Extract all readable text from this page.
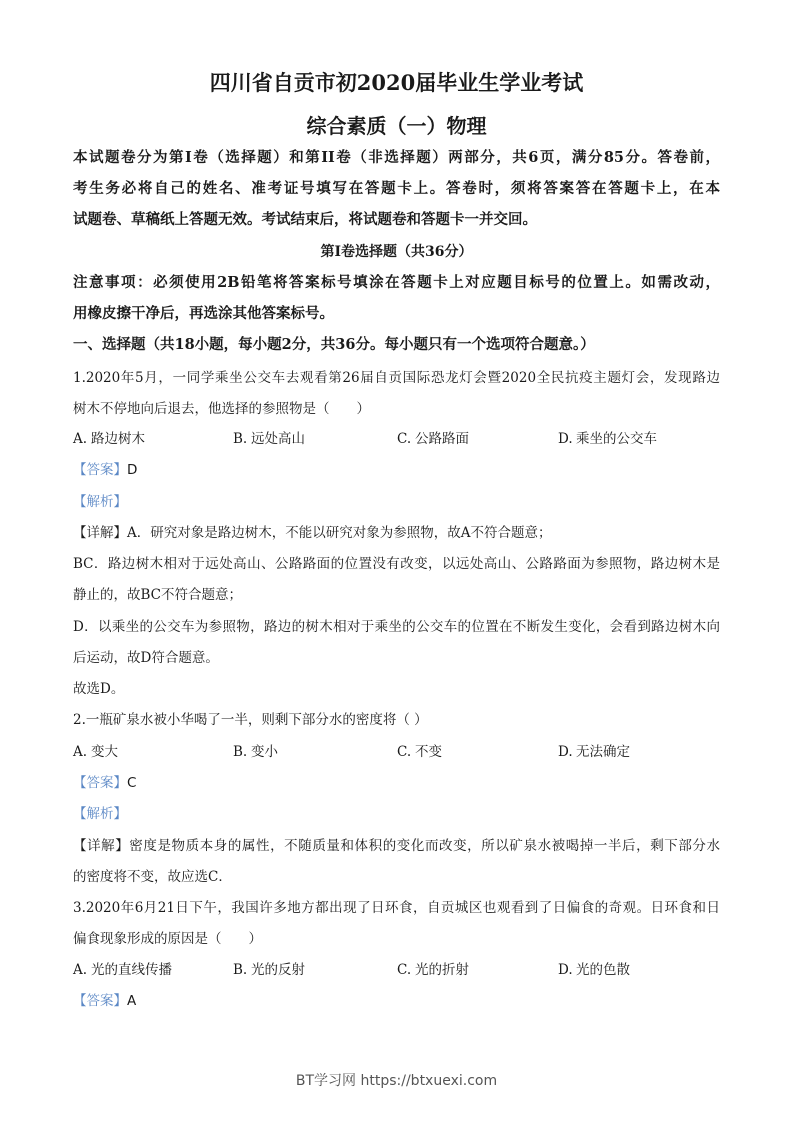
四川省自贡市初2020届毕业生学业考试
综合素质（一）物理
本试题卷分为第I卷（选择题）和第II卷（非选择题）两部分，共6页，满分85分。答卷前，
考生务必将自己的姓名、准考证号填写在答题卡上。答卷时，须将答案答在答题卡上，在本
试题卷、草稿纸上答题无效。考试结束后，将试题卷和答题卡一并交回。
第I卷选择题（共36分）
注意事项：必须使用2B铅笔将答案标号填涂在答题卡上对应题目标号的位置上。如需改动，
用橡皮擦干净后，再选涂其他答案标号。
一、选择题（共18小题，每小题2分，共36分。每小题只有一个选项符合题意。）
1.2020年5月，一同学乘坐公交车去观看第26届自贡国际恐龙灯会暨2020全民抗疫主题灯会，发现路边
树木不停地向后退去，他选择的参照物是（　　）
A. 路边树木	B. 远处高山	C. 公路路面	D. 乘坐的公交车
【答案】D
【解析】
【详解】A．研究对象是路边树木，不能以研究对象为参照物，故A不符合题意；
BC．路边树木相对于远处高山、公路路面的位置没有改变，以远处高山、公路路面为参照物，路边树木是
静止的，故BC不符合题意；
D．以乘坐的公交车为参照物，路边的树木相对于乘坐的公交车的位置在不断发生变化，会看到路边树木向
后运动，故D符合题意。
故选D。
2.一瓶矿泉水被小华喝了一半，则剩下部分水的密度将（ ）
A. 变大	B. 变小	C. 不变	D. 无法确定
【答案】C
【解析】
【详解】密度是物质本身的属性，不随质量和体积的变化而改变，所以矿泉水被喝掉一半后，剩下部分水
的密度将不变，故应选C．
3.2020年6月21日下午，我国许多地方都出现了日环食，自贡城区也观看到了日偏食的奇观。日环食和日
偏食现象形成的原因是（　　）
A. 光的直线传播	B. 光的反射	C. 光的折射	D. 光的色散
【答案】A
BT学习网 https://btxuexi.com
